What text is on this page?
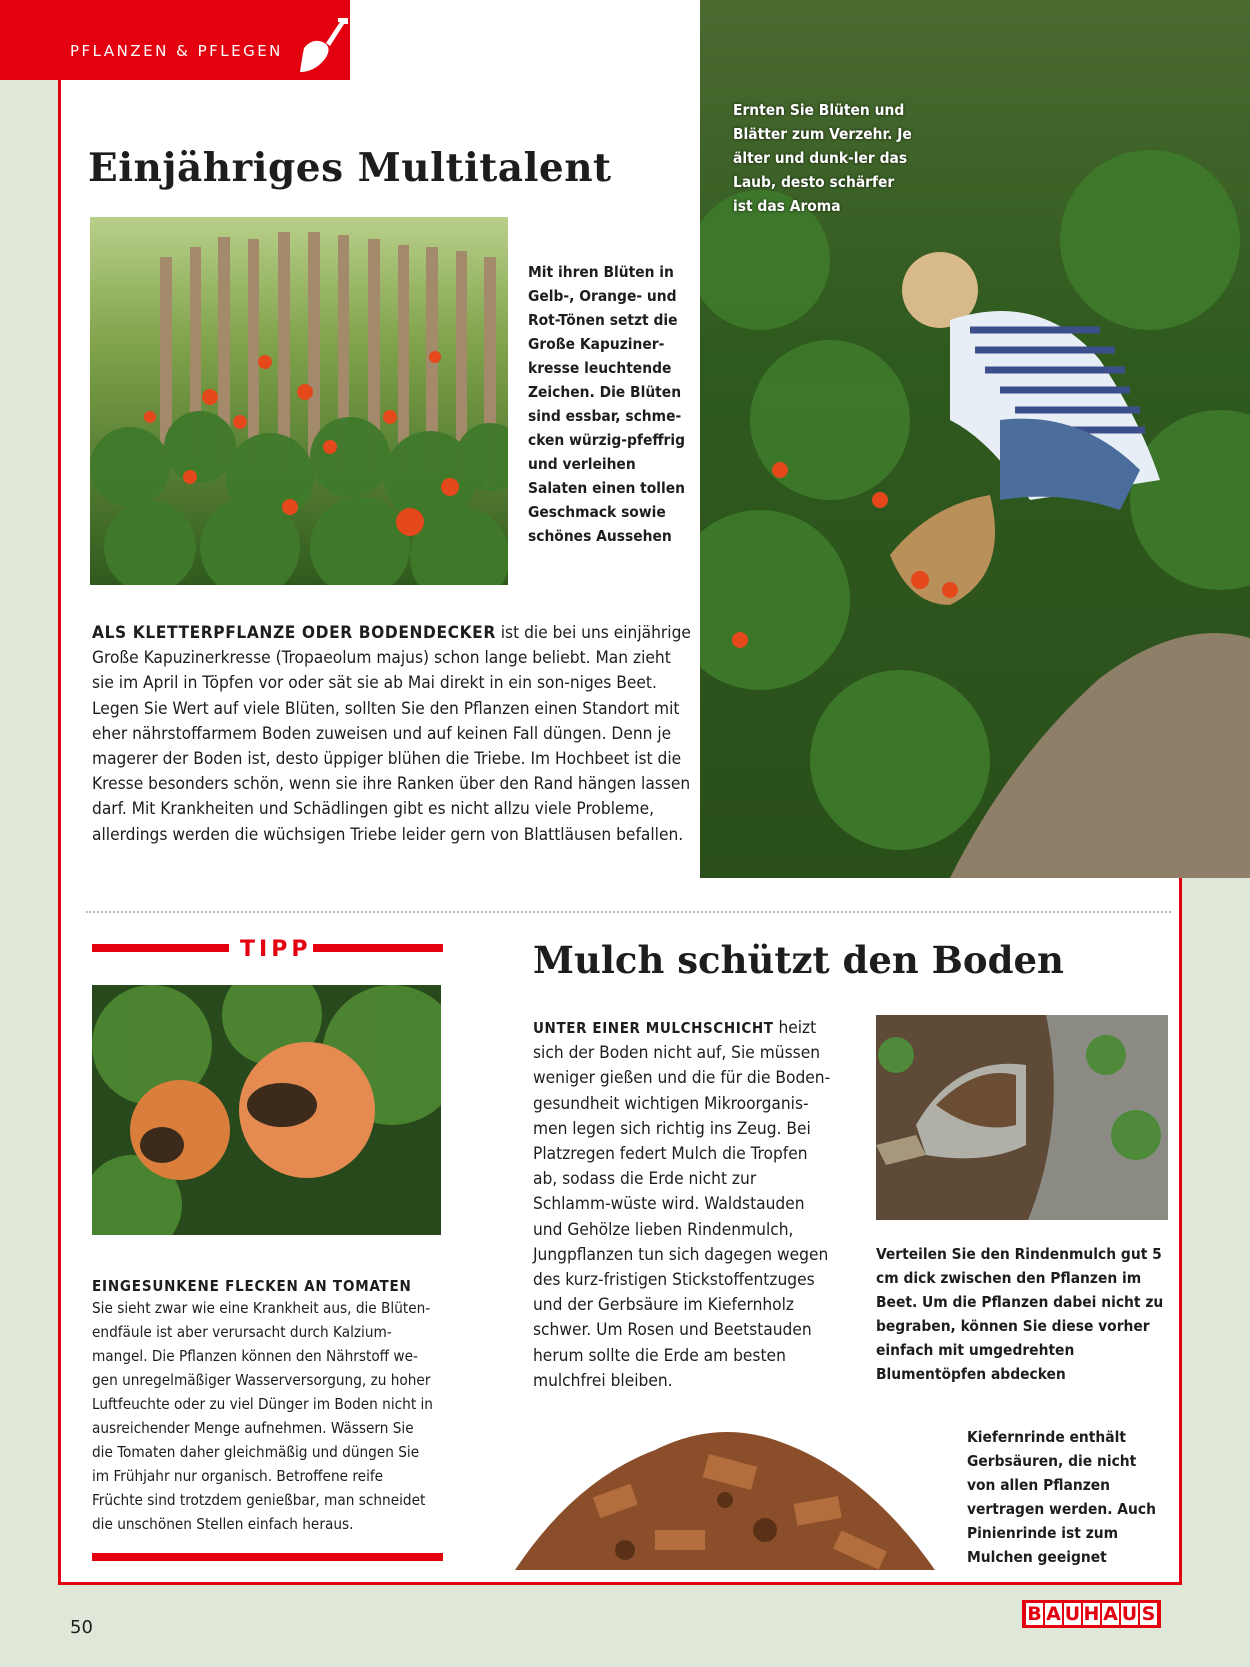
PFLANZEN & PFLEGEN
Einjähriges Multitalent
Mit ihren Blüten in Gelb-, Orange- und Rot-Tönen setzt die Große Kapuziner-kresse leuchtende Zeichen. Die Blüten sind essbar, schme-cken würzig-pfeffrig und verleihen Salaten einen tollen Geschmack sowie schönes Aussehen
Ernten Sie Blüten und Blätter zum Verzehr. Je älter und dunk-ler das Laub, desto schärfer ist das Aroma
ALS KLETTERPFLANZE ODER BODENDECKER ist die bei uns einjährige Große Kapuzinerkresse (Tropaeolum majus) schon lange beliebt. Man zieht sie im April in Töpfen vor oder sät sie ab Mai direkt in ein son-niges Beet. Legen Sie Wert auf viele Blüten, sollten Sie den Pflanzen einen Standort mit eher nährstoffarmem Boden zuweisen und auf keinen Fall düngen. Denn je magerer der Boden ist, desto üppiger blühen die Triebe. Im Hochbeet ist die Kresse besonders schön, wenn sie ihre Ranken über den Rand hängen lassen darf. Mit Krankheiten und Schädlingen gibt es nicht allzu viele Probleme, allerdings werden die wüchsigen Triebe leider gern von Blattläusen befallen.
TIPP
EINGESUNKENE FLECKEN AN TOMATEN
Sie sieht zwar wie eine Krankheit aus, die Blüten-endfäule ist aber verursacht durch Kalzium-mangel. Die Pflanzen können den Nährstoff we-gen unregelmäßiger Wasserversorgung, zu hoher Luftfeuchte oder zu viel Dünger im Boden nicht in ausreichender Menge aufnehmen. Wässern Sie die Tomaten daher gleichmäßig und düngen Sie im Frühjahr nur organisch. Betroffene reife Früchte sind trotzdem genießbar, man schneidet die unschönen Stellen einfach heraus.
Mulch schützt den Boden
UNTER EINER MULCHSCHICHT heizt sich der Boden nicht auf, Sie müssen weniger gießen und die für die Boden-gesundheit wichtigen Mikroorganis-men legen sich richtig ins Zeug. Bei Platzregen federt Mulch die Tropfen ab, sodass die Erde nicht zur Schlamm-wüste wird. Waldstauden und Gehölze lieben Rindenmulch, Jungpflanzen tun sich dagegen wegen des kurz-fristigen Stickstoffentzuges und der Gerbsäure im Kiefernholz schwer. Um Rosen und Beetstauden herum sollte die Erde am besten mulchfrei bleiben.
Verteilen Sie den Rindenmulch gut 5 cm dick zwischen den Pflanzen im Beet. Um die Pflanzen dabei nicht zu begraben, können Sie diese vorher einfach mit umgedrehten Blumentöpfen abdecken
Kiefernrinde enthält Gerbsäuren, die nicht von allen Pflanzen vertragen werden. Auch Pinienrinde ist zum Mulchen geeignet
50
B A U H A U S
